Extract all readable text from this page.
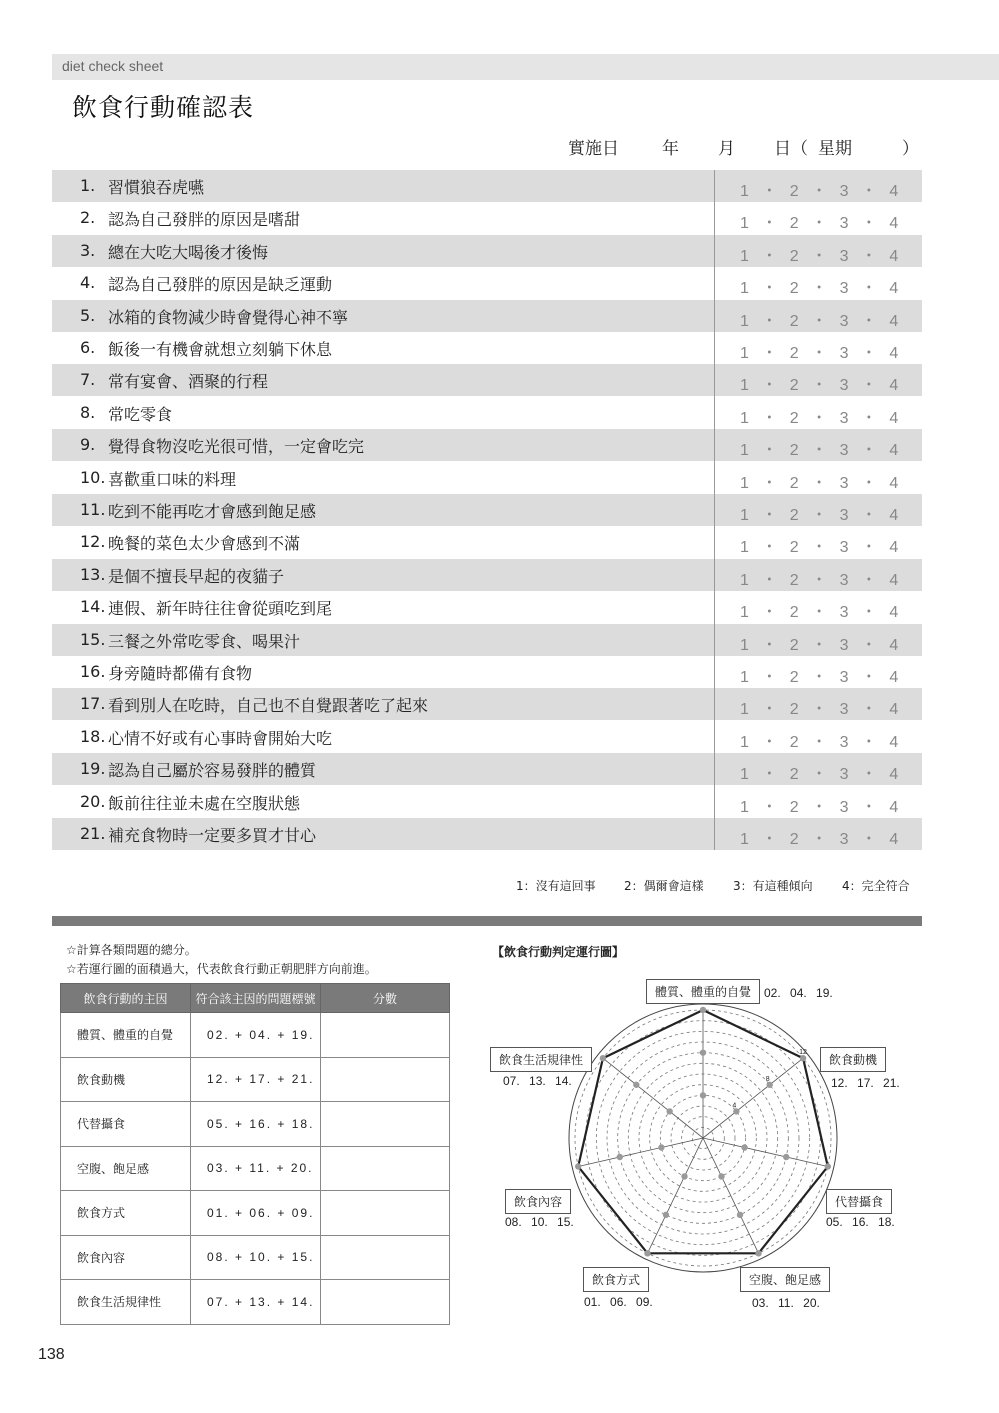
diet check sheet
飲食行動確認表
實施日	年 月 日（ 星期	）
1. 習慣狼吞虎嚥	1 ・ 2 ・ 3 ・ 4
2. 認為自己發胖的原因是嗜甜	1 ・ 2 ・ 3 ・ 4
3. 總在大吃大喝後才後悔	1 ・ 2 ・ 3 ・ 4
4. 認為自己發胖的原因是缺乏運動	1 ・ 2 ・ 3 ・ 4
5. 冰箱的食物減少時會覺得心神不寧	1 ・ 2 ・ 3 ・ 4
6. 飯後一有機會就想立刻躺下休息	1 ・ 2 ・ 3 ・ 4
7. 常有宴會、酒聚的行程	1 ・ 2 ・ 3 ・ 4
8. 常吃零食	1 ・ 2 ・ 3 ・ 4
9. 覺得食物沒吃光很可惜，一定會吃完	1 ・ 2 ・ 3 ・ 4
10. 喜歡重口味的料理	1 ・ 2 ・ 3 ・ 4
11. 吃到不能再吃才會感到飽足感	1 ・ 2 ・ 3 ・ 4
12. 晚餐的菜色太少會感到不滿	1 ・ 2 ・ 3 ・ 4
13. 是個不擅長早起的夜貓子	1 ・ 2 ・ 3 ・ 4
14. 連假、新年時往往會從頭吃到尾	1 ・ 2 ・ 3 ・ 4
15. 三餐之外常吃零食、喝果汁	1 ・ 2 ・ 3 ・ 4
16. 身旁隨時都備有食物	1 ・ 2 ・ 3 ・ 4
17. 看到別人在吃時，自己也不自覺跟著吃了起來	1 ・ 2 ・ 3 ・ 4
18. 心情不好或有心事時會開始大吃	1 ・ 2 ・ 3 ・ 4
19. 認為自己屬於容易發胖的體質	1 ・ 2 ・ 3 ・ 4
20. 飯前往往並未處在空腹狀態	1 ・ 2 ・ 3 ・ 4
21. 補充食物時一定要多買才甘心	1 ・ 2 ・ 3 ・ 4
1：沒有這回事 2：偶爾會這樣 3：有這種傾向 4：完全符合
☆計算各類問題的總分。
☆若運行圖的面積過大，代表飲食行動正朝肥胖方向前進。
飲食行動的主因	符合該主因的問題標號	分數
體質、體重的自覺	02. + 04. + 19.	
飲食動機	12. + 17. + 21.	
代替攝食	05. + 16. + 18.	
空腹、飽足感	03. + 11. + 20.	
飲食方式	01. + 06. + 09.	
飲食內容	08. + 10. + 15.	
飲食生活規律性	07. + 13. + 14.	
【飲食行動判定運行圖】
4
8
12
體質、體重的自覺	02. 04. 19.
飲食動機
12. 17. 21.
代替攝食
05. 16. 18.
空腹、飽足感
03. 11. 20.
飲食方式
01. 06. 09.
飲食內容
08. 10. 15.
飲食生活規律性
07. 13. 14.
138
